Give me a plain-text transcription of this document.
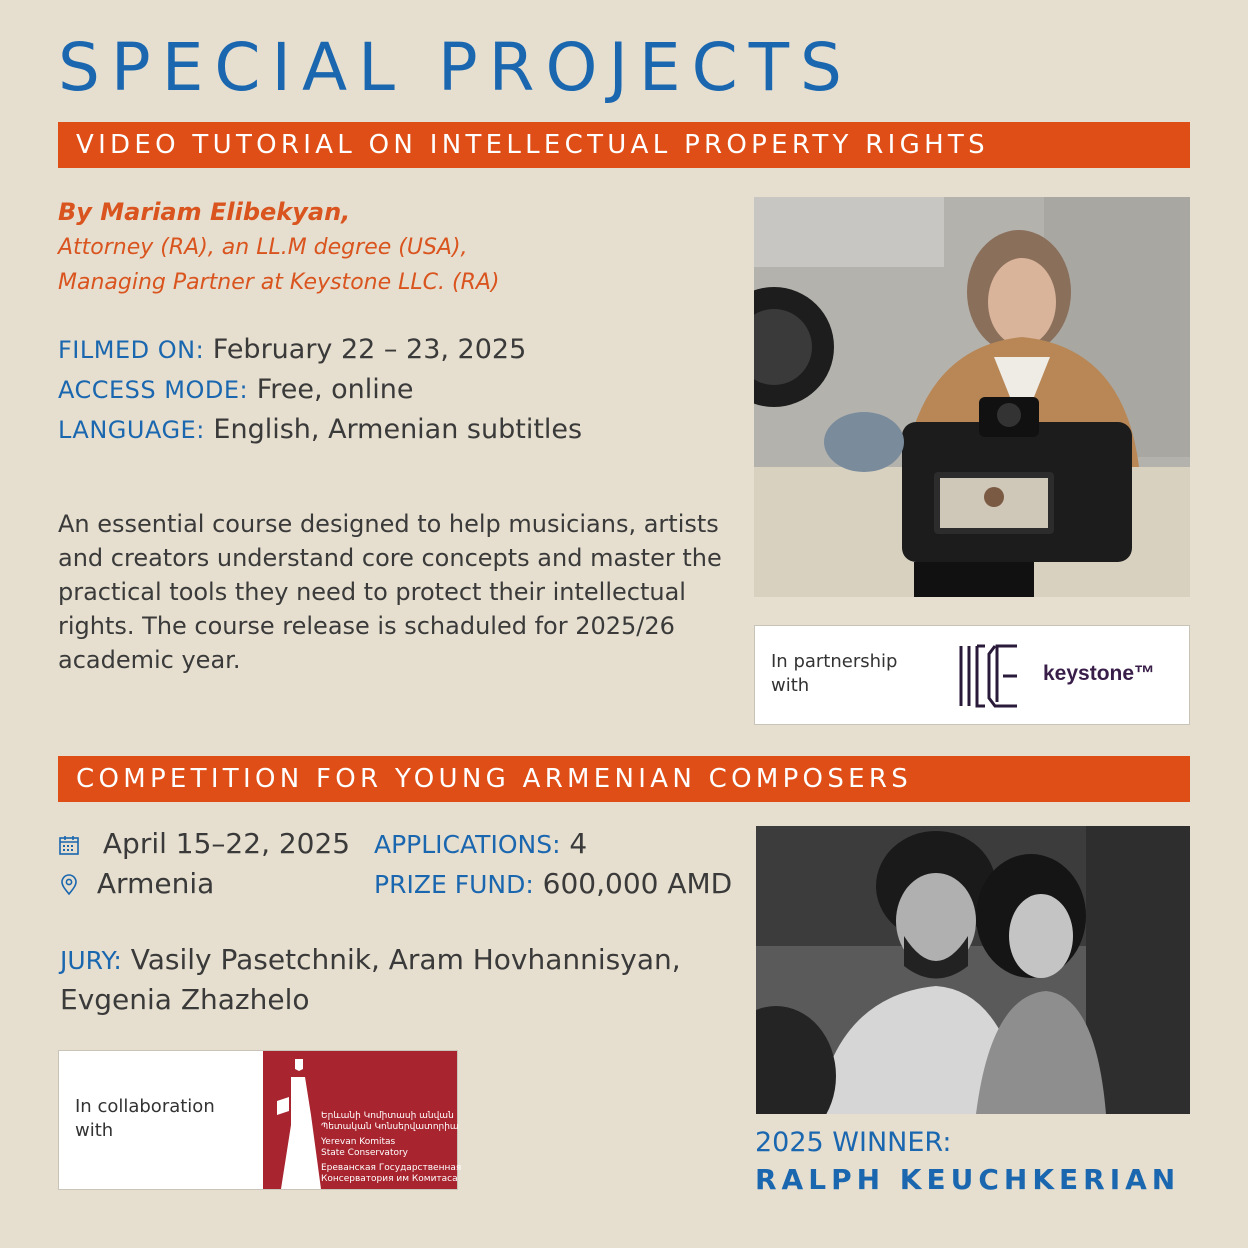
SPECIAL PROJECTS
VIDEO TUTORIAL ON INTELLECTUAL PROPERTY RIGHTS
By Mariam Elibekyan,
Attorney (RA), an LL.M degree (USA),
Managing Partner at Keystone LLC. (RA)
FILMED ON: February 22 – 23, 2025
ACCESS MODE: Free, online
LANGUAGE: English, Armenian subtitles
An essential course designed to help musicians, artists and creators understand core concepts and master the practical tools they need to protect their intellectual rights. The course release is schaduled for 2025/26 academic year.	In partnership
with
keystone™
COMPETITION FOR YOUNG ARMENIAN COMPOSERS
April 15–22, 2025
Armenia
APPLICATIONS: 4
PRIZE FUND: 600,000 AMD
JURY: Vasily Pasetchnik, Aram Hovhannisyan,
Evgenia Zhazhelo
In collaboration
with
Երևանի Կոմիտասի անվան
Պետական Կոնսերվատորիա
Yerevan Komitas
State Conservatory
Ереванская Государственная
Консерватория им Комитаса
2025 WINNER:
RALPH KEUCHKERIAN
